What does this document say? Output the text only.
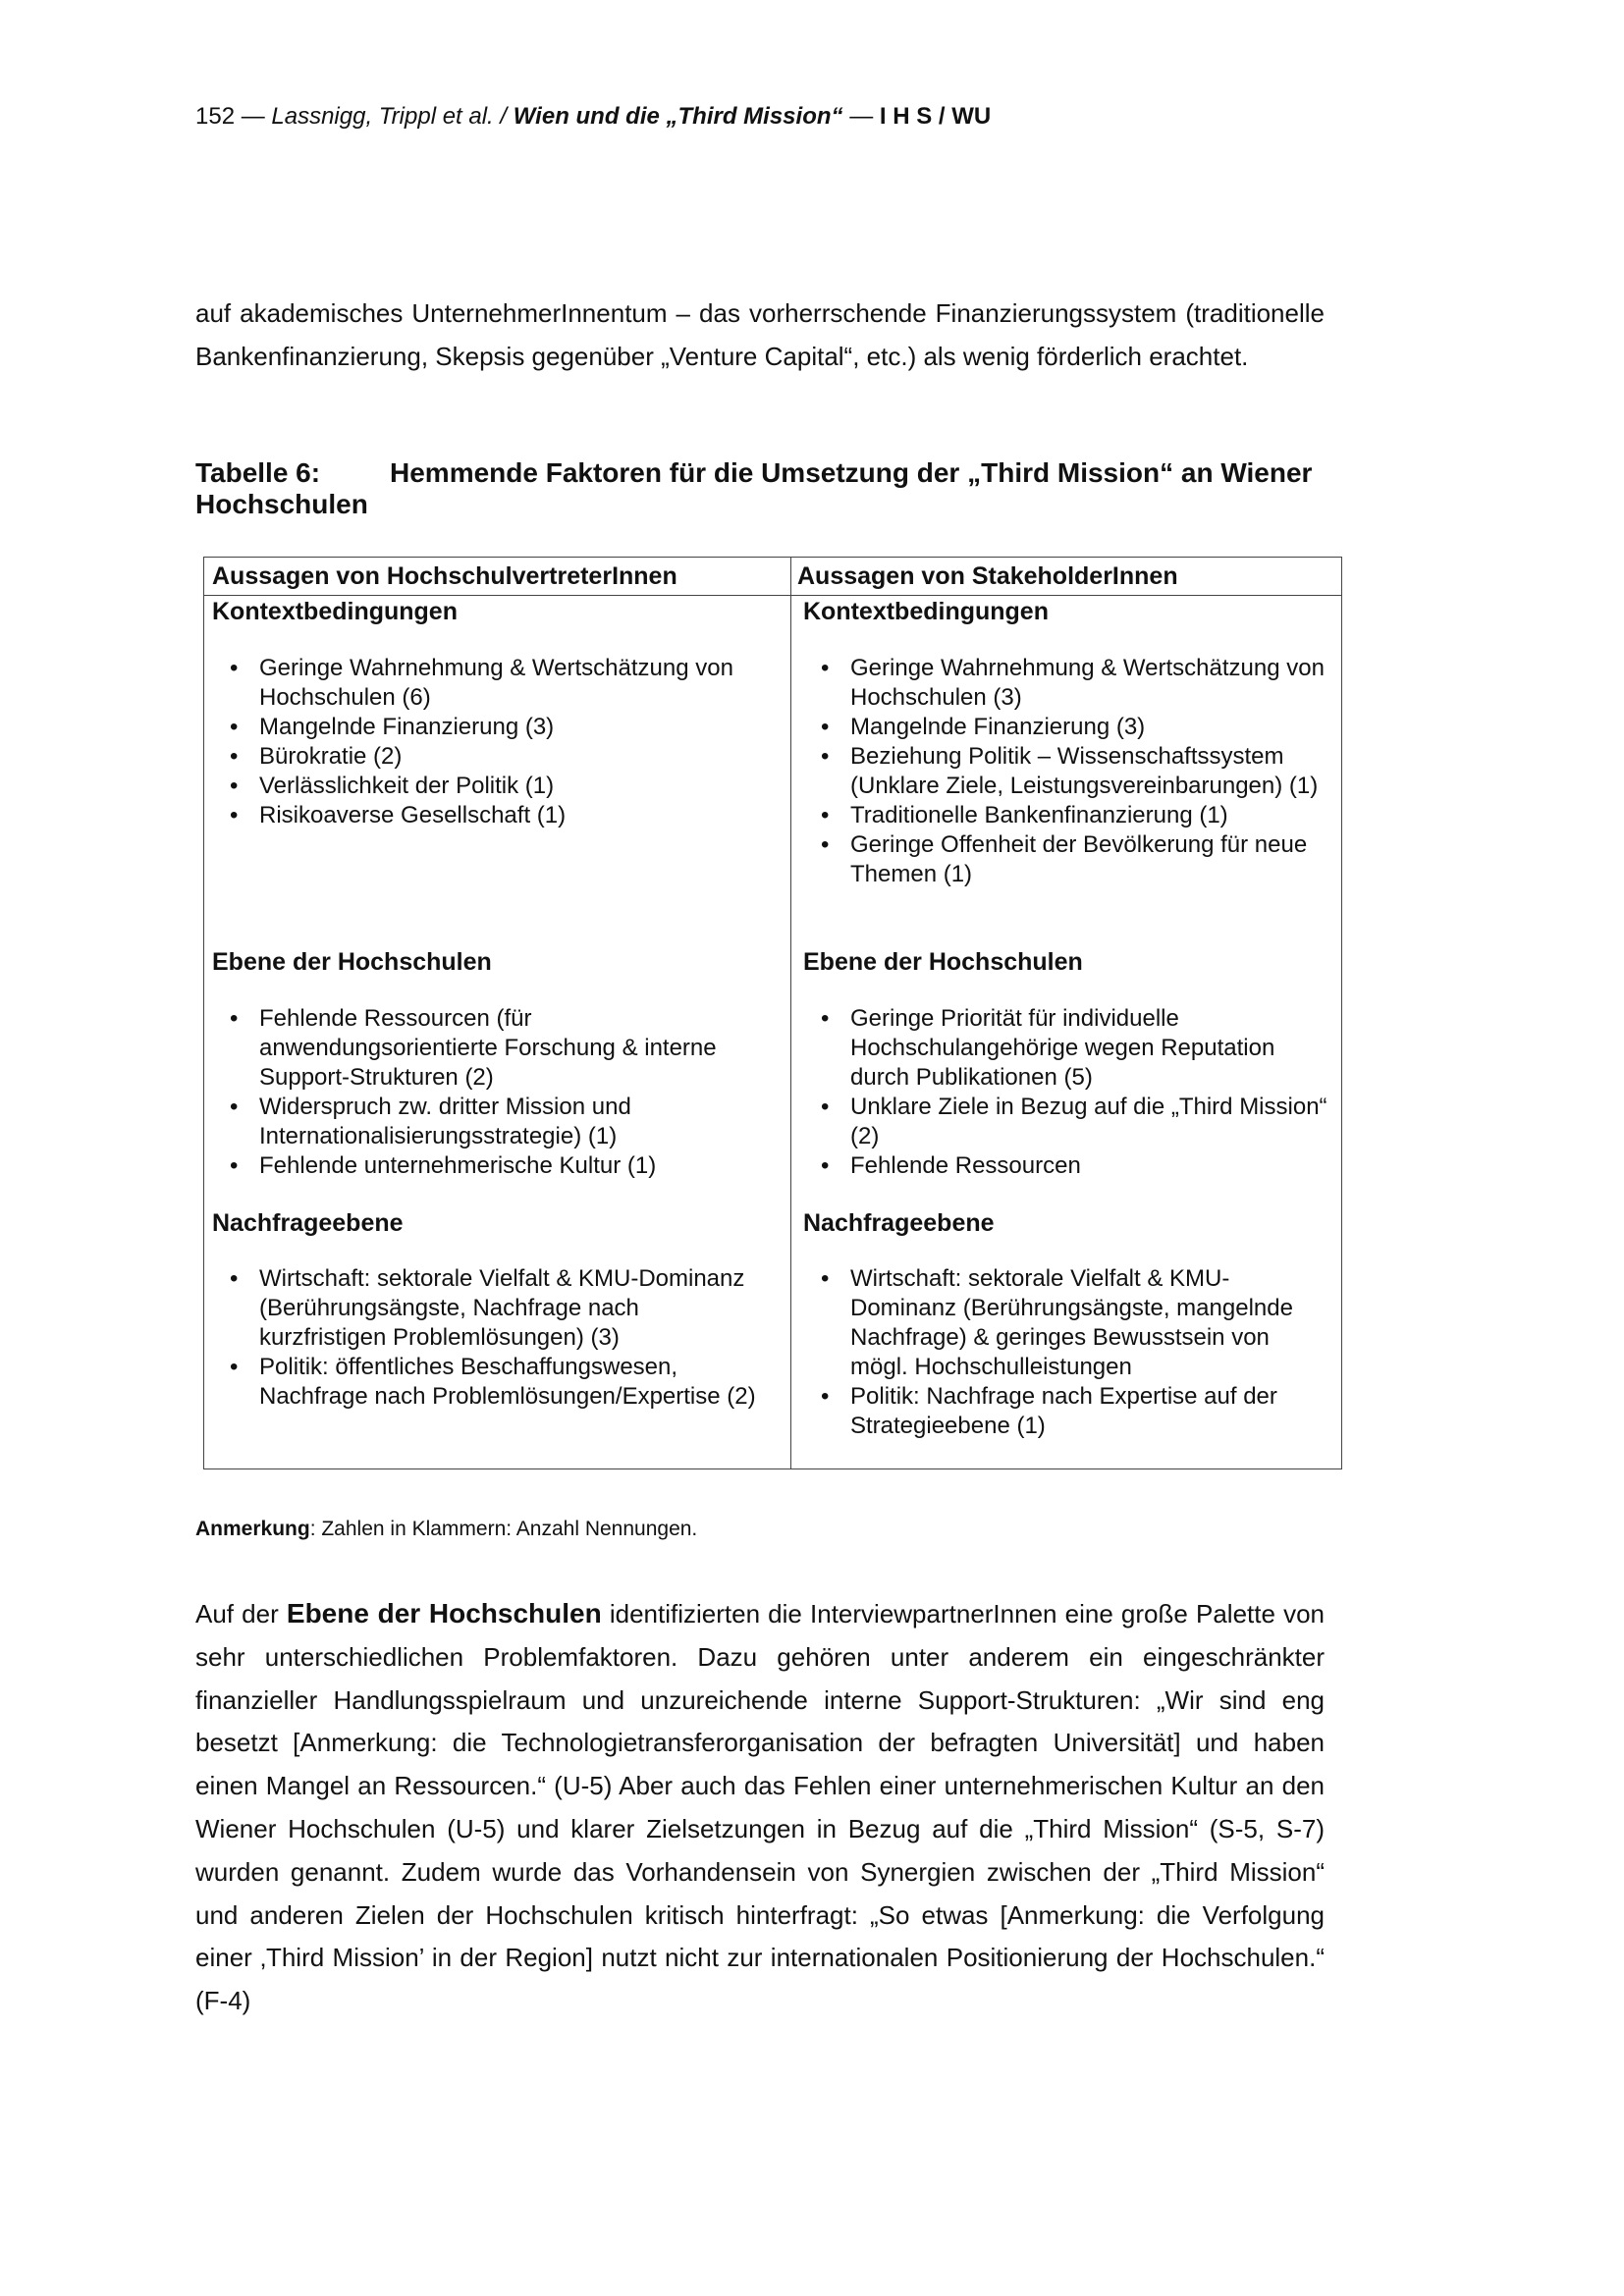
152 — Lassnigg, Trippl et al. / Wien und die „Third Mission“ — I H S / WU

auf akademisches UnternehmerInnentum – das vorherrschende Finanzierungssystem (traditionelle Bankenfinanzierung, Skepsis gegenüber „Venture Capital“, etc.) als wenig förderlich erachtet.

Tabelle 6:	Hemmende Faktoren für die Umsetzung der „Third Mission“ an Wiener Hochschulen
Aussagen von HochschulvertreterInnen	Aussagen von StakeholderInnen
Kontextbedingungen
• Geringe Wahrnehmung & Wertschätzung von Hochschulen (6)
• Mangelnde Finanzierung (3)
• Bürokratie (2)
• Verlässlichkeit der Politik (1)
• Risikoaverse Gesellschaft (1)
Ebene der Hochschulen
• Fehlende Ressourcen (für anwendungsorientierte Forschung & interne Support-Strukturen (2)
• Widerspruch zw. dritter Mission und Internationalisierungsstrategie) (1)
• Fehlende unternehmerische Kultur (1)
Nachfrageebene
• Wirtschaft: sektorale Vielfalt & KMU-Dominanz (Berührungsängste, Nachfrage nach kurzfristigen Problemlösungen) (3)
• Politik: öffentliches Beschaffungswesen, Nachfrage nach Problemlösungen/Expertise (2)
Kontextbedingungen
• Geringe Wahrnehmung & Wertschätzung von Hochschulen (3)
• Mangelnde Finanzierung (3)
• Beziehung Politik – Wissenschaftssystem (Unklare Ziele, Leistungsvereinbarungen) (1)
• Traditionelle Bankenfinanzierung (1)
• Geringe Offenheit der Bevölkerung für neue Themen (1)
Ebene der Hochschulen
• Geringe Priorität für individuelle Hochschulangehörige wegen Reputation durch Publikationen (5)
• Unklare Ziele in Bezug auf die „Third Mission“ (2)
• Fehlende Ressourcen
Nachfrageebene
• Wirtschaft: sektorale Vielfalt & KMU-Dominanz (Berührungsängste, mangelnde Nachfrage) & geringes Bewusstsein von mögl. Hochschulleistungen
• Politik: Nachfrage nach Expertise auf der Strategieebene (1)
Anmerkung: Zahlen in Klammern: Anzahl Nennungen.

Auf der Ebene der Hochschulen identifizierten die InterviewpartnerInnen eine große Palette von sehr unterschiedlichen Problemfaktoren. Dazu gehören unter anderem ein eingeschränkter finanzieller Handlungsspielraum und unzureichende interne Support-Strukturen: „Wir sind eng besetzt [Anmerkung: die Technologietransferorganisation der befragten Universität] und haben einen Mangel an Ressourcen.“ (U-5) Aber auch das Fehlen einer unternehmerischen Kultur an den Wiener Hochschulen (U-5) und klarer Zielsetzungen in Bezug auf die „Third Mission“ (S-5, S-7) wurden genannt. Zudem wurde das Vorhandensein von Synergien zwischen der „Third Mission“ und anderen Zielen der Hochschulen kritisch hinterfragt: „So etwas [Anmerkung: die Verfolgung einer ‚Third Mission’ in der Region] nutzt nicht zur internationalen Positionierung der Hochschulen.“ (F-4)
